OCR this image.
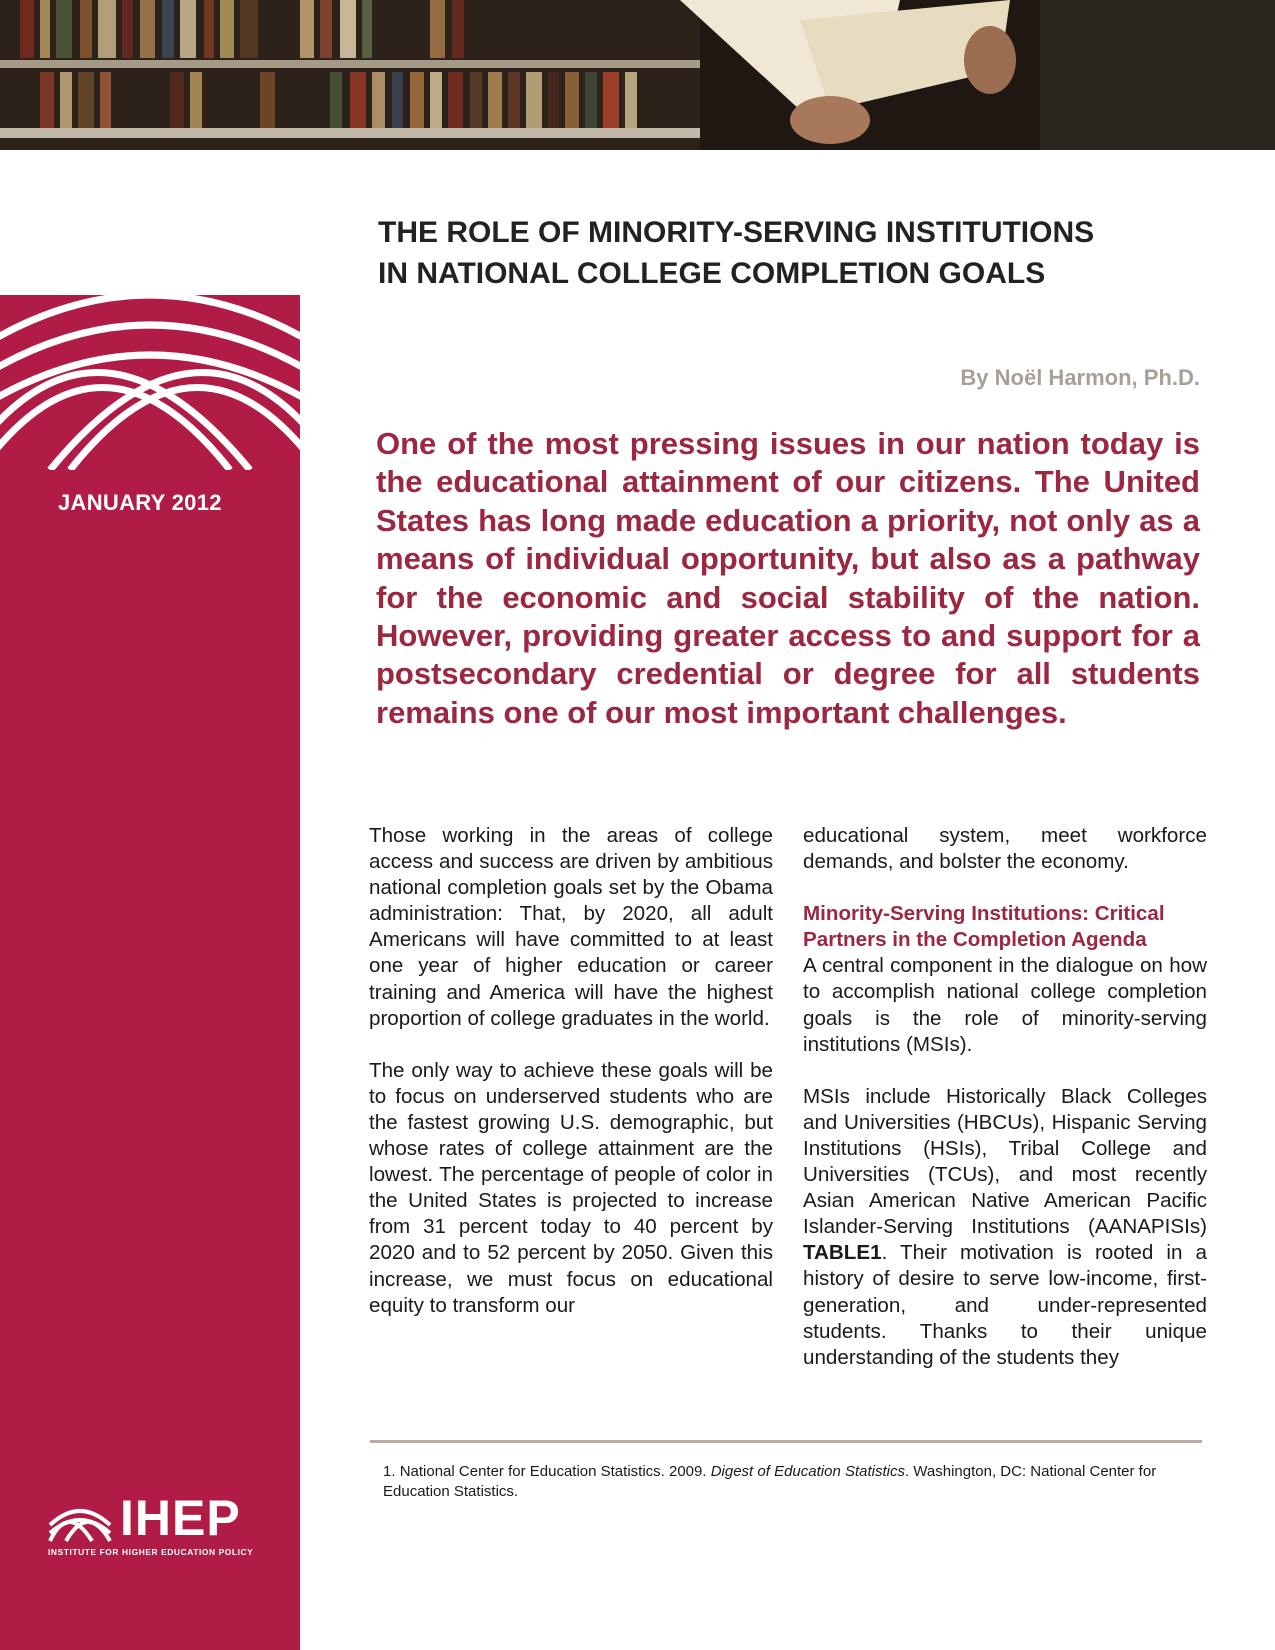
JANUARY 2012
IHEP
INSTITUTE FOR HIGHER EDUCATION POLICY
THE ROLE OF MINORITY-SERVING INSTITUTIONS
IN NATIONAL COLLEGE COMPLETION GOALS
By Noël Harmon, Ph.D.
One of the most pressing issues in our nation today is the educational attainment of our citizens. The United States has long made education a priority, not only as a means of individual opportunity, but also as a pathway for the economic and social stability of the nation. However, providing greater access to and support for a postsecondary credential or degree for all students remains one of our most important challenges.

Those working in the areas of college access and success are driven by ambitious national completion goals set by the Obama administration: That, by 2020, all adult Americans will have committed to at least one year of higher education or career training and America will have the highest proportion of college graduates in the world.

The only way to achieve these goals will be to focus on underserved students who are the fastest growing U.S. demographic, but whose rates of college attainment are the lowest. The percentage of people of color in the United States is projected to increase from 31 percent today to 40 percent by 2020 and to 52 percent by 2050. Given this increase, we must focus on educational equity to transform our

educational system, meet workforce demands, and bolster the economy.

Minority-Serving Institutions: Critical Partners in the Completion Agenda

A central component in the dialogue on how to accomplish national college completion goals is the role of minority-serving institutions (MSIs).

MSIs include Historically Black Colleges and Universities (HBCUs), Hispanic Serving Institutions (HSIs), Tribal College and Universities (TCUs), and most recently Asian American Native American Pacific Islander-Serving Institutions (AANAPISIs) TABLE1. Their motivation is rooted in a history of desire to serve low-income, first-generation, and under-represented students. Thanks to their unique understanding of the students they

1. National Center for Education Statistics. 2009. Digest of Education Statistics. Washington, DC: National Center for Education Statistics.
